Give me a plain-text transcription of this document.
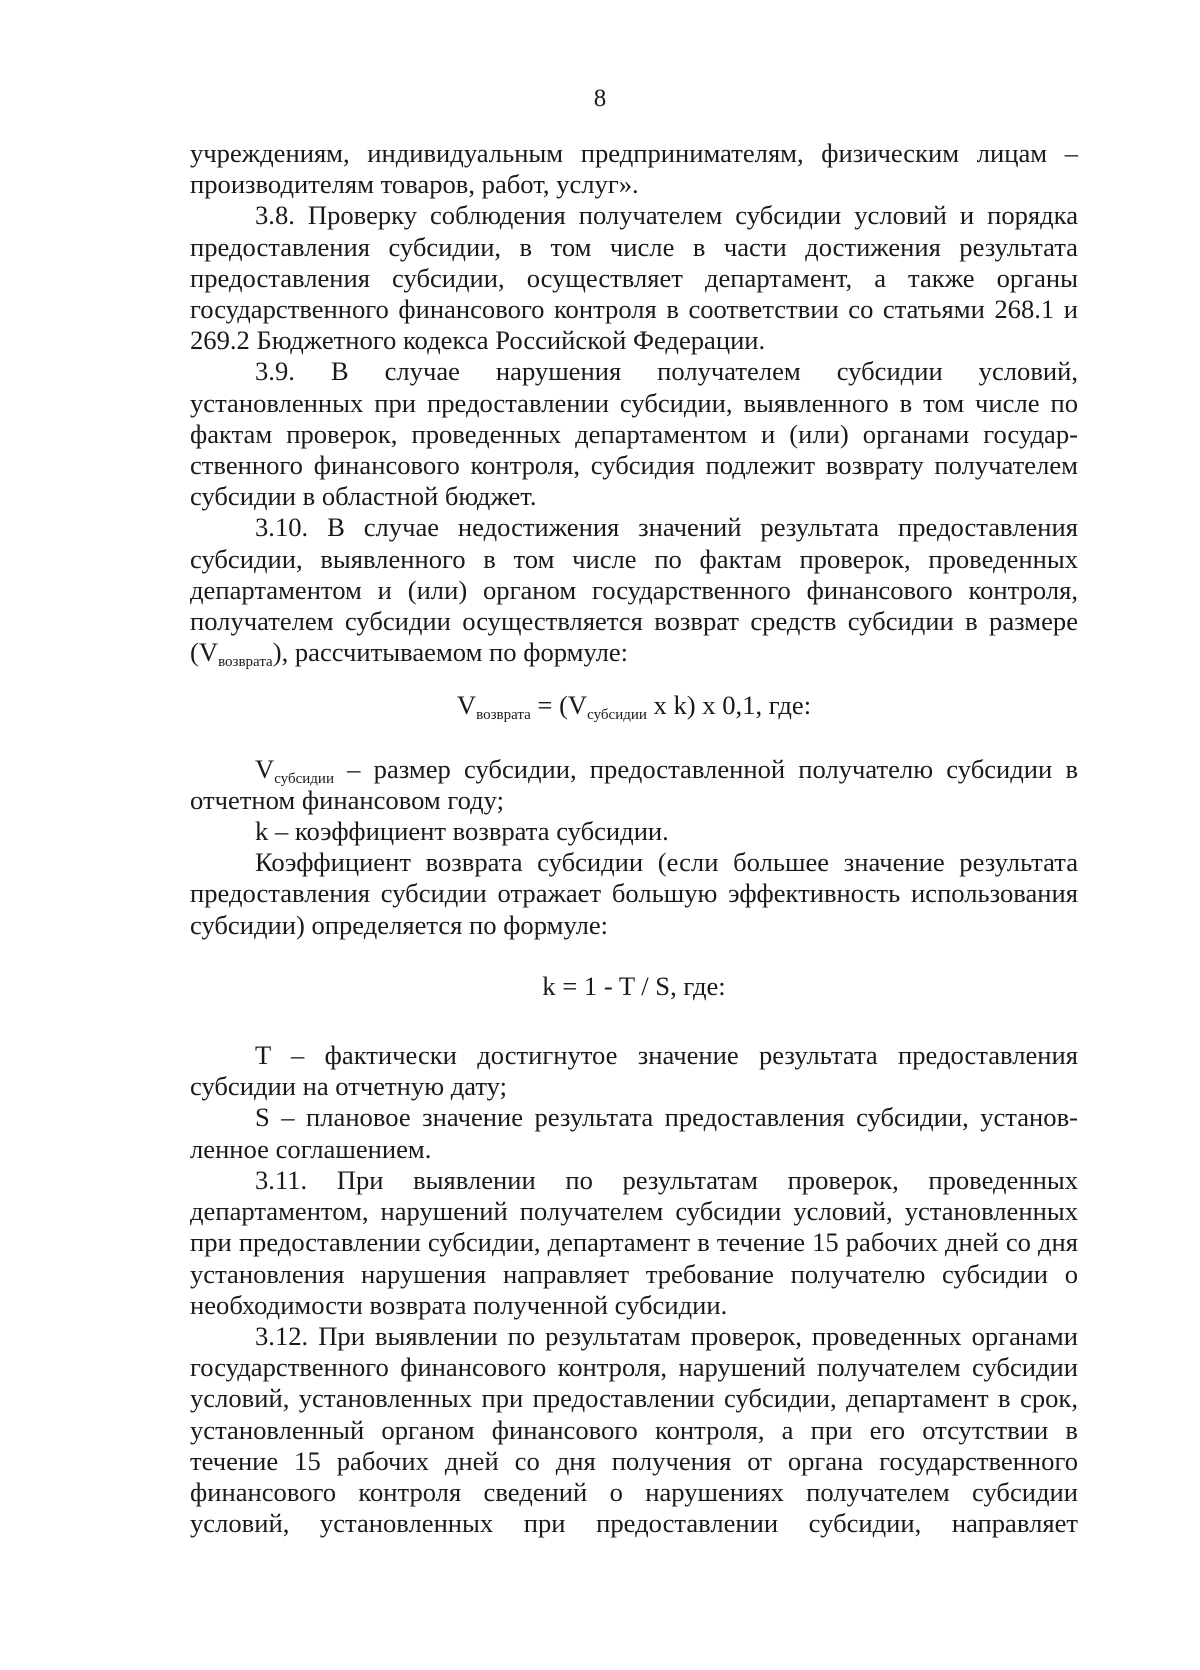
8

учреждениям, индивидуальным предпринимателям, физическим лицам –

производителям товаров, работ, услуг».

3.8. Проверку соблюдения получателем субсидии условий и порядка предоставления субсидии, в том числе в части достижения результата предоставления субсидии, осуществляет департамент, а также органы государственного финансового контроля в соответствии со статьями 268.1 и 269.2 Бюджетного кодекса Российской Федерации.

3.9. В случае нарушения получателем субсидии условий, установленных при предоставлении субсидии, выявленного в том числе по фактам проверок, проведенных департаментом и (или) органами государственного финансового контроля, субсидия подлежит возврату получателем субсидии в областной бюджет.

3.10. В случае недостижения значений результата предоставления субсидии, выявленного в том числе по фактам проверок, проведенных департаментом и (или) органом государственного финансового контроля, получателем субсидии осуществляется возврат средств субсидии в размере $(V_{возврата})$, рассчитываемом по формуле:

$V_{возврата} = (V_{субсидии}$ x k) x 0,1, где:

$V_{субсидии}$ – размер субсидии, предоставленной получателю субсидии в отчетном финансовом году;

k – коэффициент возврата субсидии.

Коэффициент возврата субсидии (если большее значение результата предоставления субсидии отражает большую эффективность использования субсидии) определяется по формуле:

k = 1 - T / S, где:

T – фактически достигнутое значение результата предоставления субсидии на отчетную дату;

S – плановое значение результата предоставления субсидии, установленное соглашением.

3.11. При выявлении по результатам проверок, проведенных департаментом, нарушений получателем субсидии условий, установленных при предоставлении субсидии, департамент в течение 15 рабочих дней со дня установления нарушения направляет требование получателю субсидии о необходимости возврата полученной субсидии.

3.12. При выявлении по результатам проверок, проведенных органами государственного финансового контроля, нарушений получателем субсидии условий, установленных при предоставлении субсидии, департамент в срок, установленный органом финансового контроля, а при его отсутствии в течение 15 рабочих дней со дня получения от органа государственного финансового контроля сведений о нарушениях получателем субсидии условий, установленных при предоставлении субсидии, направляет
